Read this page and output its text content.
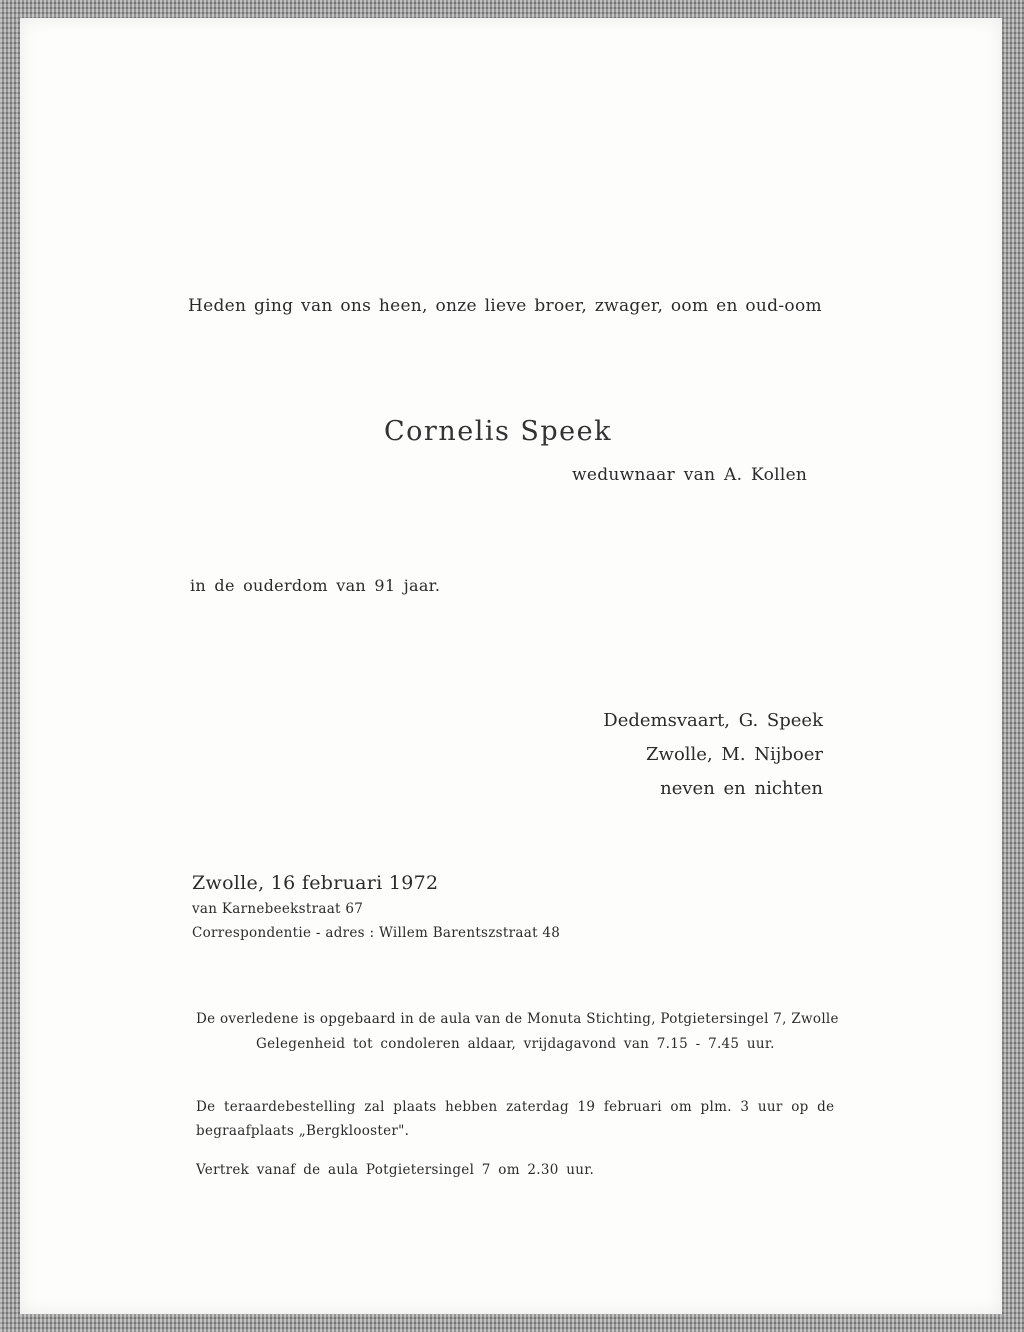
Heden ging van ons heen, onze lieve broer, zwager, oom en oud-oom
Cornelis Speek
weduwnaar van A. Kollen
in de ouderdom van 91 jaar.
Dedemsvaart, G. Speek
Zwolle, M. Nijboer
neven en nichten
Zwolle, 16 februari 1972
van Karnebeekstraat 67
Correspondentie - adres : Willem Barentszstraat 48
De overledene is opgebaard in de aula van de Monuta Stichting, Potgietersingel 7, Zwolle
Gelegenheid tot condoleren aldaar, vrijdagavond van 7.15 - 7.45 uur.
De teraardebestelling zal plaats hebben zaterdag 19 februari om plm. 3 uur op de
begraafplaats „Bergklooster".
Vertrek vanaf de aula Potgietersingel 7 om 2.30 uur.
